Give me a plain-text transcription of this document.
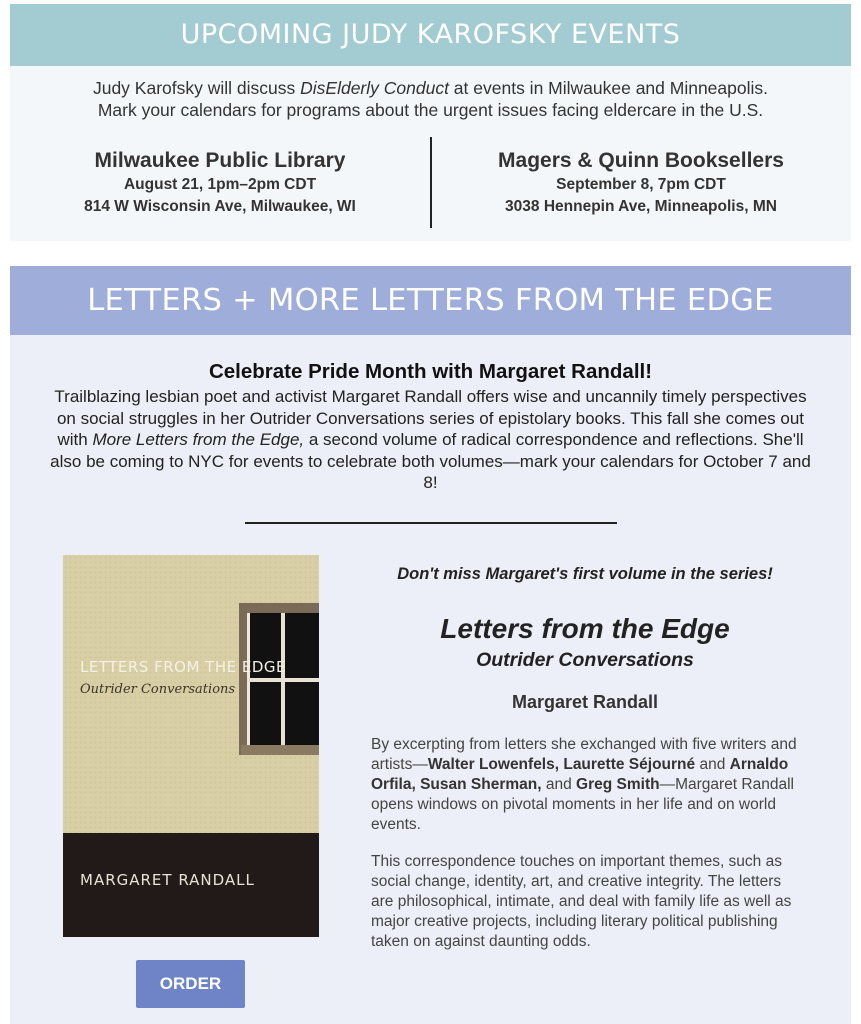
UPCOMING JUDY KAROFSKY EVENTS
Judy Karofsky will discuss DisElderly Conduct at events in Milwaukee and Minneapolis.
Mark your calendars for programs about the urgent issues facing eldercare in the U.S.
Milwaukee Public Library
August 21, 1pm–2pm CDT
814 W Wisconsin Ave, Milwaukee, WI
Magers & Quinn Booksellers
September 8, 7pm CDT
3038 Hennepin Ave, Minneapolis, MN
LETTERS + MORE LETTERS FROM THE EDGE
Celebrate Pride Month with Margaret Randall!
Trailblazing lesbian poet and activist Margaret Randall offers wise and uncannily timely perspectives on social struggles in her Outrider Conversations series of epistolary books. This fall she comes out with More Letters from the Edge, a second volume of radical correspondence and reflections. She'll also be coming to NYC for events to celebrate both volumes—mark your calendars for October 7 and 8!
LETTERS FROM THE EDGE
Outrider Conversations
MARGARET RANDALL
ORDER
Don't miss Margaret's first volume in the series!
Letters from the Edge
Outrider Conversations
Margaret Randall
By excerpting from letters she exchanged with five writers and artists—Walter Lowenfels, Laurette Séjourné and Arnaldo Orfila, Susan Sherman, and Greg Smith—Margaret Randall opens windows on pivotal moments in her life and on world events.
This correspondence touches on important themes, such as social change, identity, art, and creative integrity. The letters are philosophical, intimate, and deal with family life as well as major creative projects, including literary political publishing taken on against daunting odds.
